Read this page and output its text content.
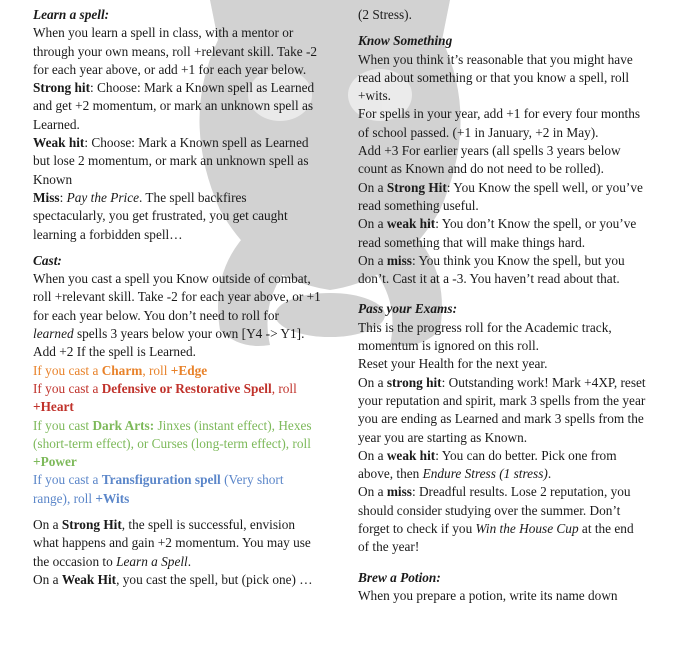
Learn a spell:

When you learn a spell in class, with a mentor or through your own means, roll +relevant skill. Take -2 for each year above, or add +1 for each year below.

Strong hit: Choose: Mark a Known spell as Learned and get +2 momentum, or mark an unknown spell as Learned.

Weak hit: Choose: Mark a Known spell as Learned but lose 2 momentum, or mark an unknown spell as Known

Miss: Pay the Price. The spell backfires spectacularly, you get frustrated, you get caught learning a forbidden spell…

Cast:

When you cast a spell you Know outside of combat, roll +relevant skill. Take -2 for each year above, or +1 for each year below. You don’t need to roll for learned spells 3 years below your own [Y4 -> Y1]. Add +2 If the spell is Learned.

If you cast a Charm, roll +Edge

If you cast a Defensive or Restorative Spell, roll +Heart

If you cast Dark Arts: Jinxes (instant effect), Hexes (short-term effect), or Curses (long-term effect), roll +Power

If you cast a Transfiguration spell (Very short range), roll +Wits

On a Strong Hit, the spell is successful, envision what happens and gain +2 momentum. You may use the occasion to Learn a Spell.

On a Weak Hit, you cast the spell, but (pick one) …

(2 Stress).

Know Something

When you think it’s reasonable that you might have read about something or that you know a spell, roll +wits.

For spells in your year, add +1 for every four months of school passed. (+1 in January, +2 in May).

Add +3 For earlier years (all spells 3 years below count as Known and do not need to be rolled).

On a Strong Hit: You Know the spell well, or you’ve read something useful.

On a weak hit: You don’t Know the spell, or you’ve read something that will make things hard.

On a miss: You think you Know the spell, but you don’t. Cast it at a -3. You haven’t read about that.

Pass your Exams:

This is the progress roll for the Academic track, momentum is ignored on this roll.

Reset your Health for the next year.

On a strong hit: Outstanding work! Mark +4XP, reset your reputation and spirit, mark 3 spells from the year you are ending as Learned and mark 3 spells from the year you are starting as Known.

On a weak hit: You can do better. Pick one from above, then Endure Stress (1 stress).

On a miss: Dreadful results. Lose 2 reputation, you should consider studying over the summer. Don’t forget to check if you Win the House Cup at the end of the year!

Brew a Potion:

When you prepare a potion, write its name down
